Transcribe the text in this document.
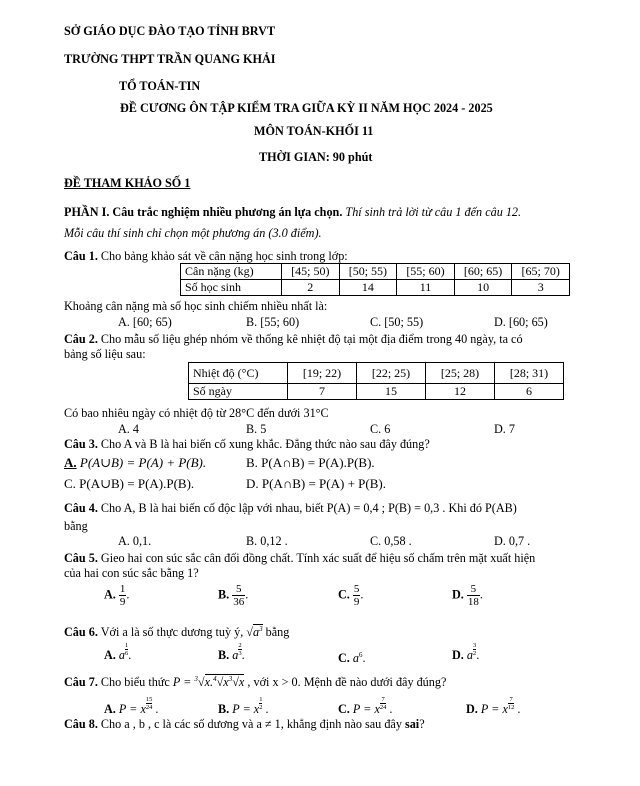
SỞ GIÁO DỤC ĐÀO TẠO TỈNH BRVT
TRƯỜNG THPT TRẦN QUANG KHẢI
TỔ TOÁN-TIN
ĐỀ CƯƠNG ÔN TẬP KIỂM TRA GIỮA KỲ II NĂM HỌC 2024 - 2025
MÔN TOÁN-KHỐI 11
THỜI GIAN: 90 phút
ĐỀ THAM KHẢO SỐ 1
PHẦN I. Câu trắc nghiệm nhiều phương án lựa chọn. Thí sinh trả lời từ câu 1 đến câu 12.
Mỗi câu thí sinh chỉ chọn một phương án (3.0 điểm).
Câu 1. Cho bảng khảo sát về cân nặng học sinh trong lớp:
Cân nặng (kg)	[45; 50)	[50; 55)	[55; 60)	[60; 65)	[65; 70)
Số học sinh	2	14	11	10	3
Khoảng cân nặng mà số học sinh chiếm nhiều nhất là:
A. [60; 65)	B. [55; 60)	C. [50; 55)	D. [60; 65)
Câu 2. Cho mẫu số liệu ghép nhóm về thống kê nhiệt độ tại một địa điểm trong 40 ngày, ta có
bảng số liệu sau:
Nhiệt độ (°C)	[19; 22)	[22; 25)	[25; 28)	[28; 31)
Số ngày	7	15	12	6
Có bao nhiêu ngày có nhiệt độ từ 28°C đến dưới 31°C
A. 4	B. 5	C. 6	D. 7
Câu 3. Cho A và B là hai biến cố xung khắc. Đẳng thức nào sau đây đúng?
A. P(A∪B) = P(A) + P(B).	B. P(A∩B) = P(A).P(B).
C. P(A∪B) = P(A).P(B).	D. P(A∩B) = P(A) + P(B).
Câu 4. Cho A, B là hai biến cố độc lập với nhau, biết P(A) = 0,4 ; P(B) = 0,3 . Khi đó P(AB)
bằng
A. 0,1.	B. 0,12 .	C. 0,58 .	D. 0,7 .
Câu 5. Gieo hai con súc sắc cân đối đồng chất. Tính xác suất để hiệu số chấm trên mặt xuất hiện
của hai con súc sắc bằng 1?
A. $\frac{1}{9}$ .	B. $\frac{5}{36}$ .	C. $\frac{5}{9}$ .	D. $\frac{5}{18}$ .
Câu 6. Với a là số thực dương tuỳ ý, $√a^3$ bằng
A. a $\frac{1}{6}$ .	B. a $\frac{2}{3}$ .	C. $a^6$.	D. a $\frac{3}{2}$ .
Câu 7. Cho biểu thức $P = ^3√x.^4√x^3√x$ , với x > 0. Mệnh đề nào dưới đây đúng?
A. P = x $\frac{15}{24}$ .	B. P = x $\frac{1}{2}$ .	C. P = x $\frac{7}{24}$ .	D. P = x $\frac{7}{12}$ .
Câu 8. Cho a , b , c là các số dương và a ≠ 1, khẳng định nào sau đây sai?
